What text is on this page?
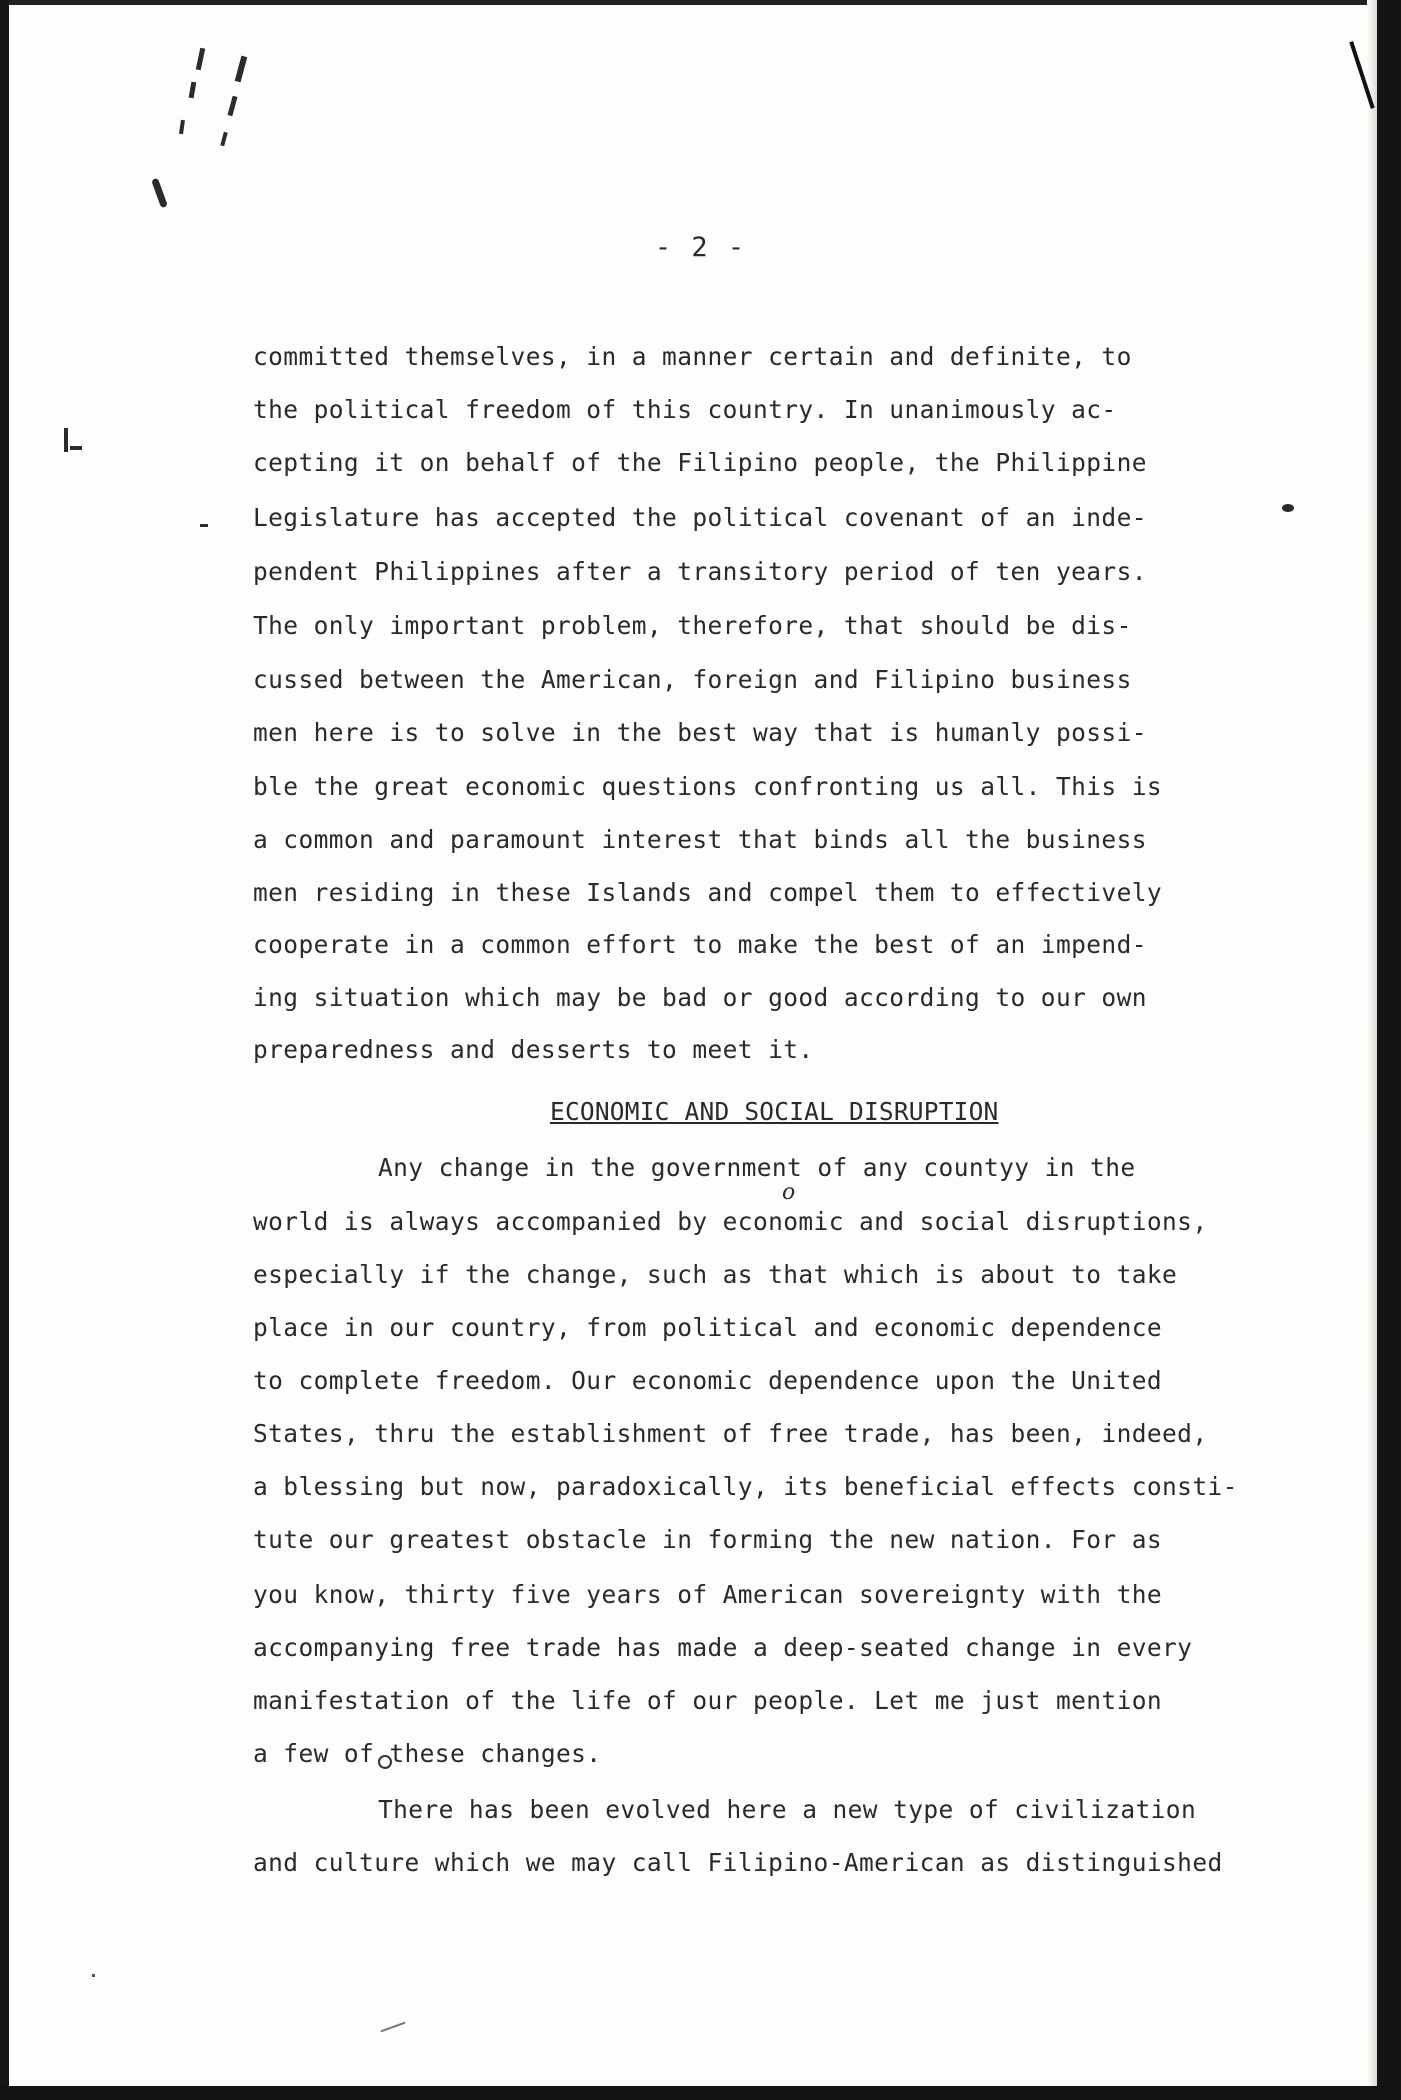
- 2 -
committed themselves, in a manner certain and definite, to
the political freedom of this country. In unanimously ac-
cepting it on behalf of the Filipino people, the Philippine
Legislature has accepted the political covenant of an inde-
pendent Philippines after a transitory period of ten years.
The only important problem, therefore, that should be dis-
cussed between the American, foreign and Filipino business
men here is to solve in the best way that is humanly possi-
ble the great economic questions confronting us all. This is
a common and paramount interest that binds all the business
men residing in these Islands and compel them to effectively
cooperate in a common effort to make the best of an impend-
ing situation which may be bad or good according to our own
preparedness and desserts to meet it.
ECONOMIC AND SOCIAL DISRUPTION
Any change in the government of any countyy in the
o
world is always accompanied by economic and social disruptions,
especially if the change, such as that which is about to take
place in our country, from political and economic dependence
to complete freedom. Our economic dependence upon the United
States, thru the establishment of free trade, has been, indeed,
a blessing but now, paradoxically, its beneficial effects consti-
tute our greatest obstacle in forming the new nation. For as
you know, thirty five years of American sovereignty with the
accompanying free trade has made a deep-seated change in every
manifestation of the life of our people. Let me just mention
a few of these changes.
There has been evolved here a new type of civilization
and culture which we may call Filipino-American as distinguished
